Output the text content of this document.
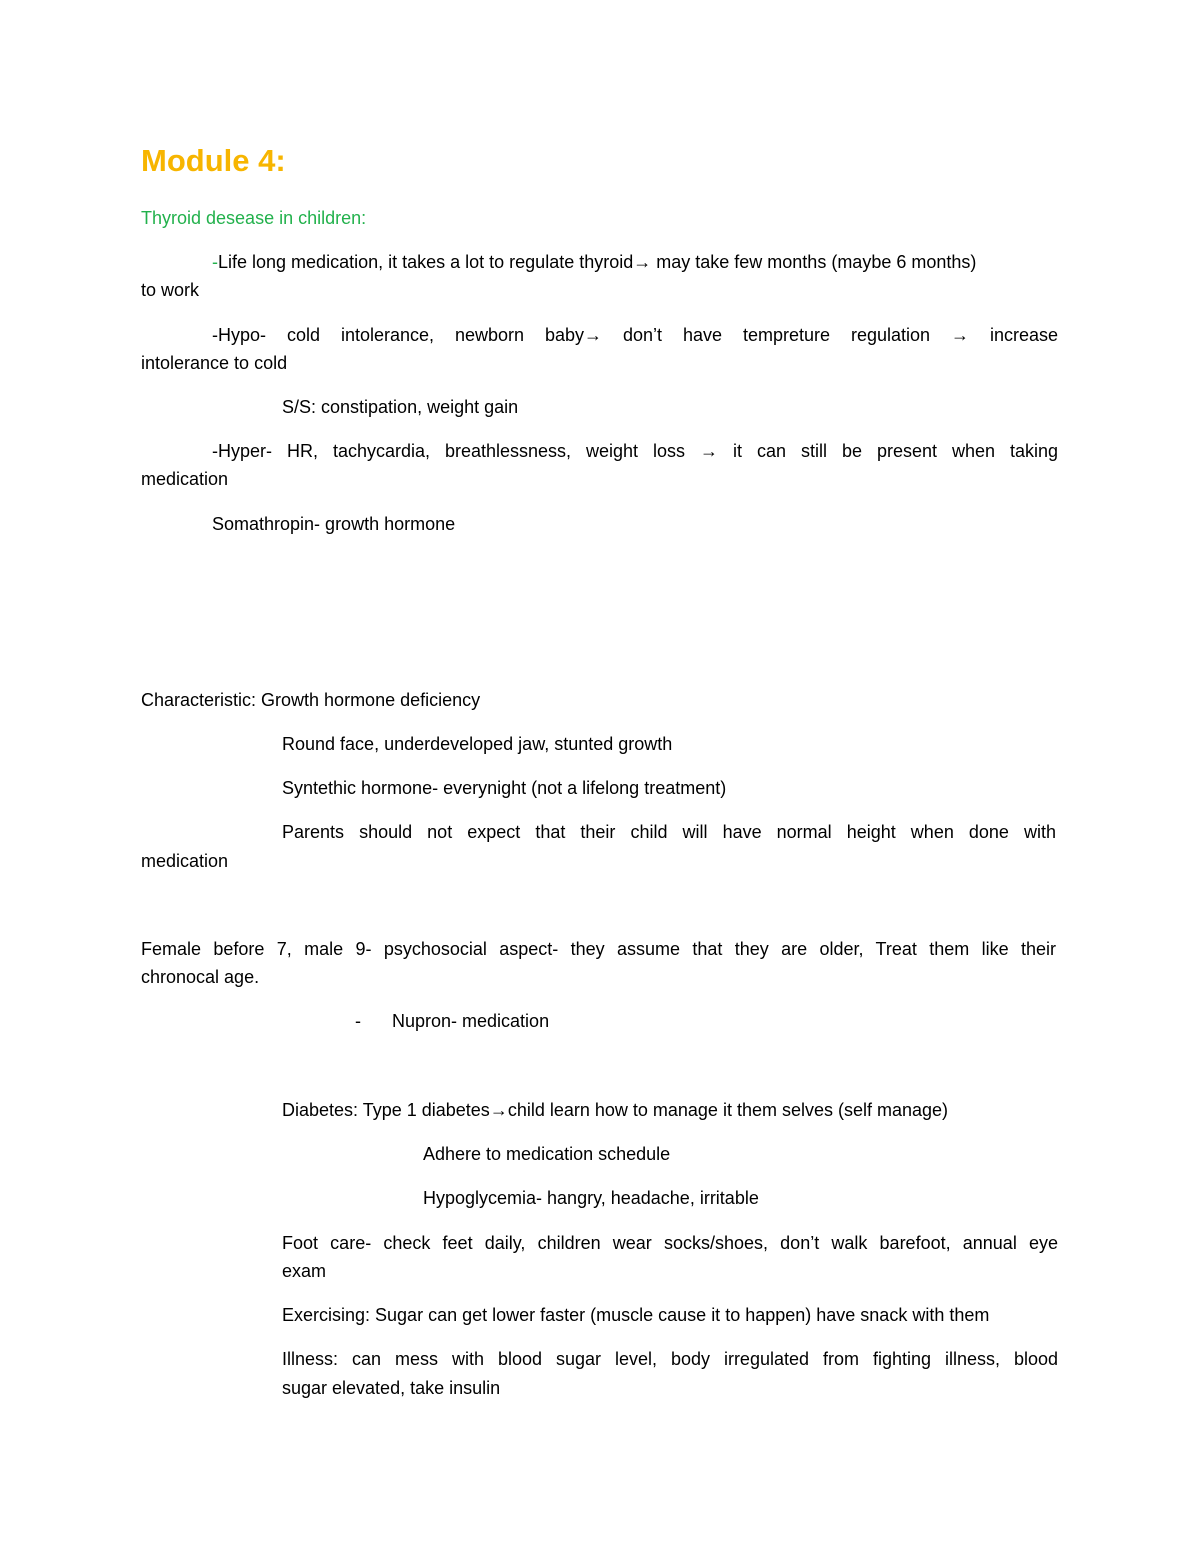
Module 4:
Thyroid desease in children:
-Life long medication, it takes a lot to regulate thyroid→ may take few months (maybe 6 months)
to work
-Hypo- cold intolerance, newborn baby→ don’t have tempreture regulation → increase
intolerance to cold
S/S: constipation, weight gain
-Hyper- HR, tachycardia, breathlessness, weight loss → it can still be present when taking
medication
Somathropin- growth hormone
Characteristic: Growth hormone deficiency
Round face, underdeveloped jaw, stunted growth
Syntethic hormone- everynight (not a lifelong treatment)
Parents should not expect that their child will have normal height when done with
medication
Female before 7, male 9- psychosocial aspect- they assume that they are older, Treat them like their
chronocal age.
- Nupron- medication
Diabetes: Type 1 diabetes→child learn how to manage it them selves (self manage)
Adhere to medication schedule
Hypoglycemia- hangry, headache, irritable
Foot care- check feet daily, children wear socks/shoes, don’t walk barefoot, annual eye
exam
Exercising: Sugar can get lower faster (muscle cause it to happen) have snack with them
Illness: can mess with blood sugar level, body irregulated from fighting illness, blood
sugar elevated, take insulin
